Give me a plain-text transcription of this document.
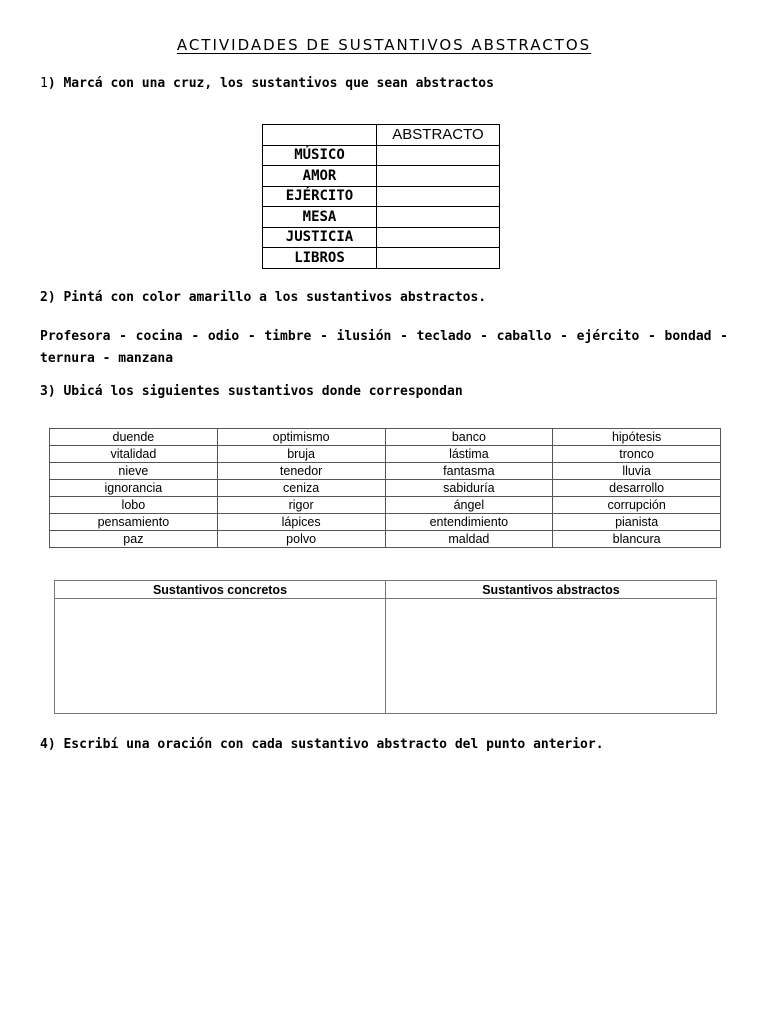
ACTIVIDADES DE SUSTANTIVOS ABSTRACTOS
1) Marcá con una cruz, los sustantivos que sean abstractos
	ABSTRACTO
MÚSICO	
AMOR	
EJÉRCITO	
MESA	
JUSTICIA	
LIBROS	
2) Pintá con color amarillo a los sustantivos abstractos.
Profesora - cocina - odio - timbre - ilusión - teclado - caballo - ejército - bondad - ternura - manzana
3) Ubicá los siguientes sustantivos donde correspondan
duende	optimismo	banco	hipótesis
vitalidad	bruja	lástima	tronco
nieve	tenedor	fantasma	lluvia
ignorancia	ceniza	sabiduría	desarrollo
lobo	rigor	ángel	corrupción
pensamiento	lápices	entendimiento	pianista
paz	polvo	maldad	blancura
Sustantivos concretos	Sustantivos abstractos

4) Escribí una oración con cada sustantivo abstracto del punto anterior.
